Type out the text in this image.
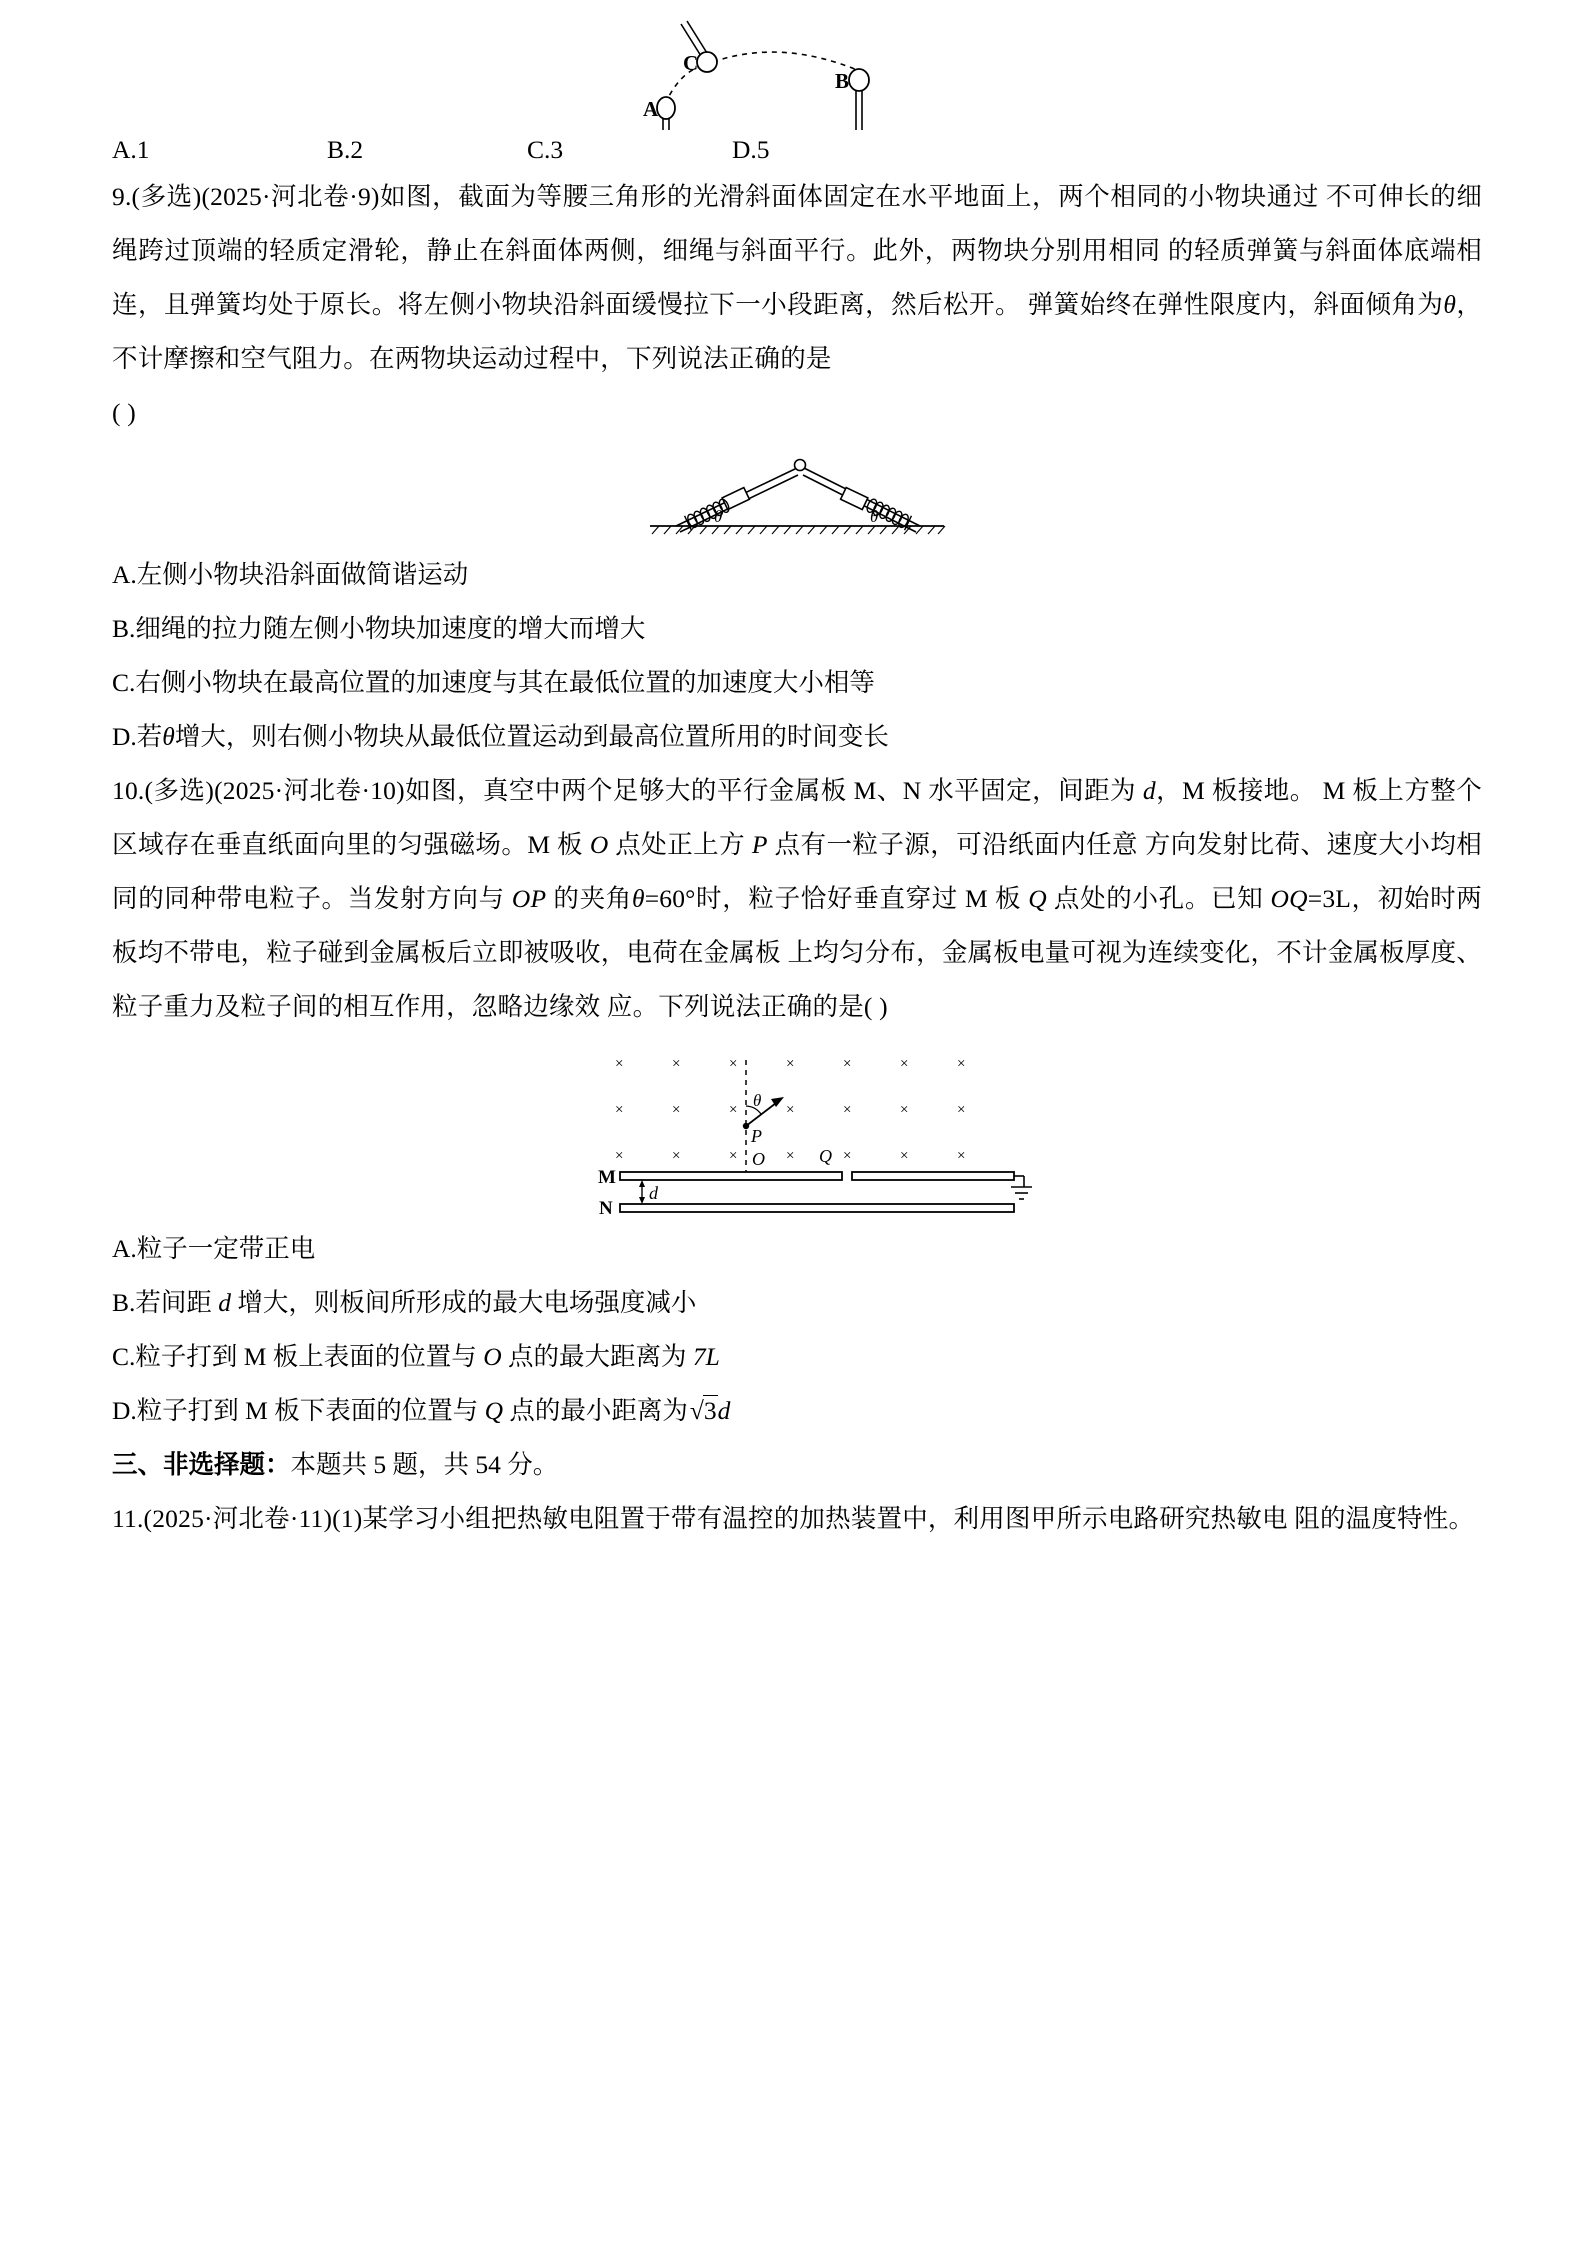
A
C
B
A.1	B.2	C.3	D.5
9.(多选)(2025·河北卷·9)如图，截面为等腰三角形的光滑斜面体固定在水平地面上，两个相同的小物块通过 不可伸长的细绳跨过顶端的轻质定滑轮，静止在斜面体两侧，细绳与斜面平行。此外，两物块分别用相同 的轻质弹簧与斜面体底端相连，且弹簧均处于原长。将左侧小物块沿斜面缓慢拉下一小段距离，然后松开。 弹簧始终在弹性限度内，斜面倾角为θ，不计摩擦和空气阻力。在两物块运动过程中，下列说法正确的是
( )
θ	θ
A.左侧小物块沿斜面做简谐运动
B.细绳的拉力随左侧小物块加速度的增大而增大
C.右侧小物块在最高位置的加速度与其在最低位置的加速度大小相等
D.若θ增大，则右侧小物块从最低位置运动到最高位置所用的时间变长
10.(多选)(2025·河北卷·10)如图，真空中两个足够大的平行金属板 M、N 水平固定，间距为 d，M 板接地。 M 板上方整个区域存在垂直纸面向里的匀强磁场。M 板 O 点处正上方 P 点有一粒子源，可沿纸面内任意 方向发射比荷、速度大小均相同的同种带电粒子。当发射方向与 OP 的夹角θ=60°时，粒子恰好垂直穿过 M 板 Q 点处的小孔。已知 OQ=3L，初始时两板均不带电，粒子碰到金属板后立即被吸收，电荷在金属板 上均匀分布，金属板电量可视为连续变化，不计金属板厚度、粒子重力及粒子间的相互作用，忽略边缘效 应。下列说法正确的是( )
×	×	×	×	×	×	×
×	×	×	×	×	×	×
×	×	×	×	×	×	×
θ
P
O	Q
M
N
d
A.粒子一定带正电
B.若间距 d 增大，则板间所形成的最大电场强度减小
C.粒子打到 M 板上表面的位置与 O 点的最大距离为 7L
D.粒子打到 M 板下表面的位置与 Q 点的最小距离为√3d
三、非选择题：本题共 5 题，共 54 分。
11.(2025·河北卷·11)(1)某学习小组把热敏电阻置于带有温控的加热装置中，利用图甲所示电路研究热敏电 阻的温度特性。
